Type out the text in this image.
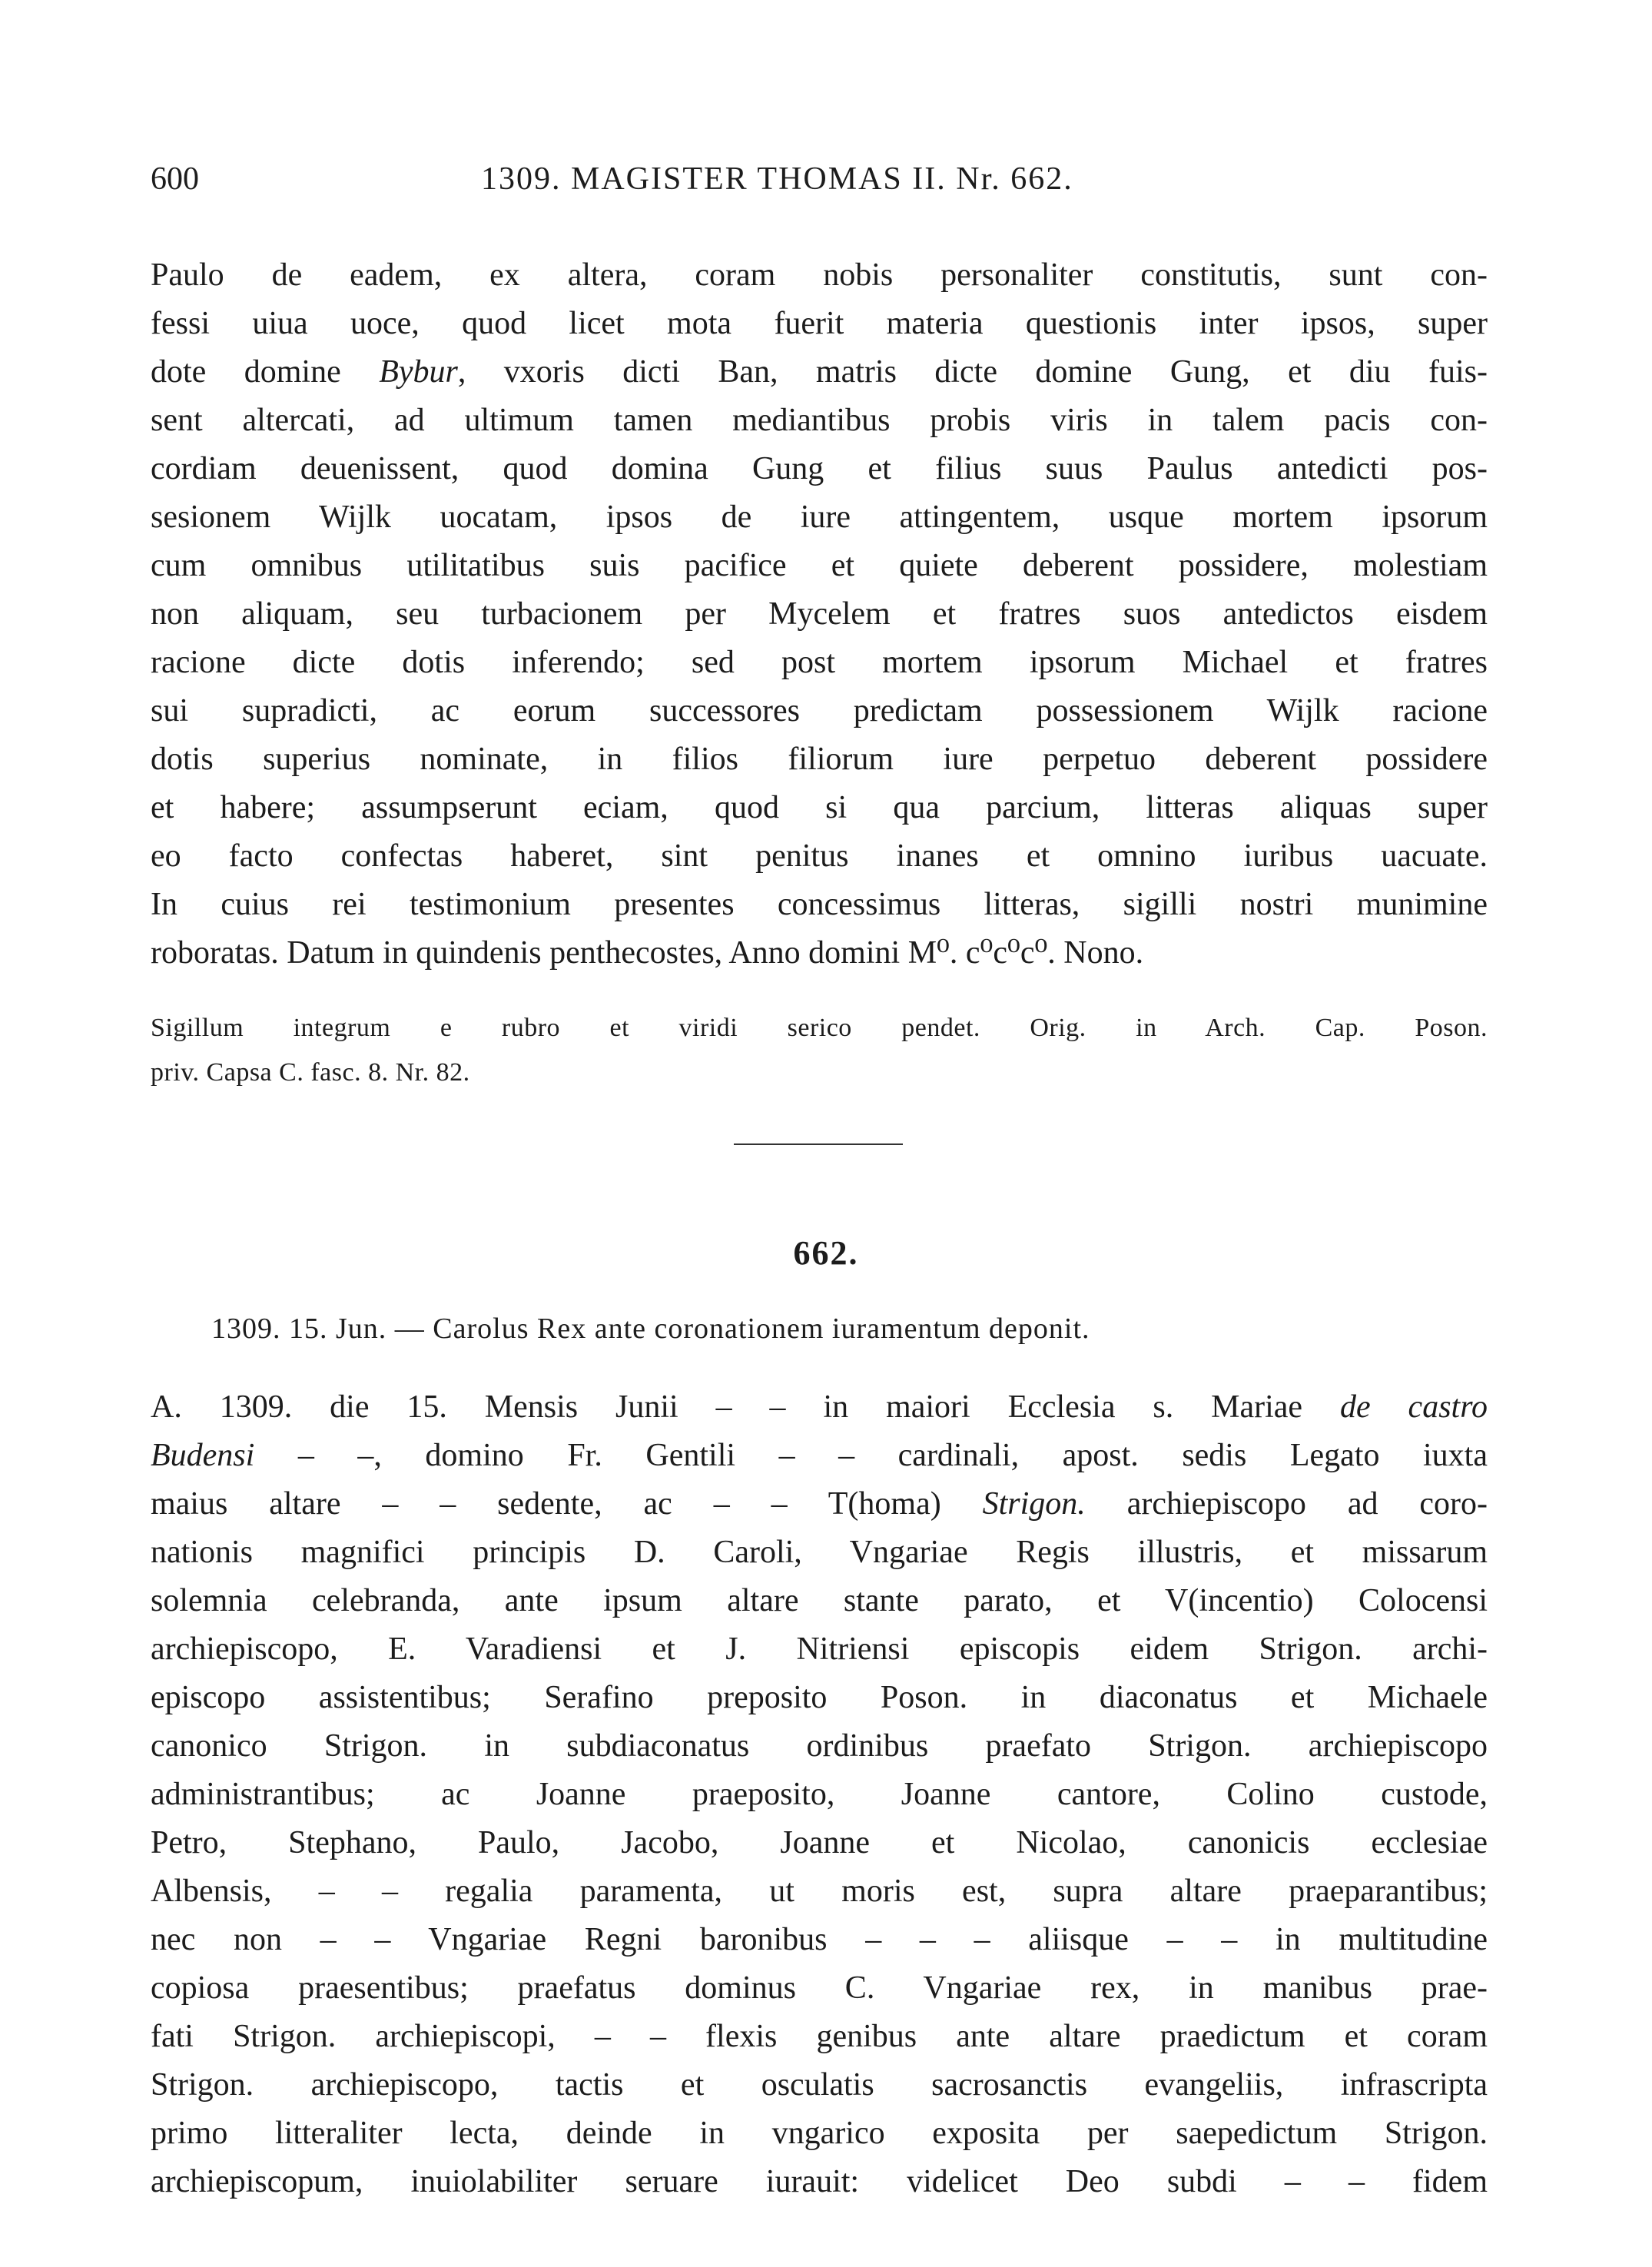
600	1309. MAGISTER THOMAS II. Nr. 662.
Paulo de eadem, ex altera, coram nobis personaliter constitutis, sunt con-
fessi uiua uoce, quod licet mota fuerit materia questionis inter ipsos, super
dote domine Bybur, vxoris dicti Ban, matris dicte domine Gung, et diu fuis-
sent altercati, ad ultimum tamen mediantibus probis viris in talem pacis con-
cordiam deuenissent, quod domina Gung et filius suus Paulus antedicti pos-
sesionem Wijlk uocatam, ipsos de iure attingentem, usque mortem ipsorum
cum omnibus utilitatibus suis pacifice et quiete deberent possidere, molestiam
non aliquam, seu turbacionem per Mycelem et fratres suos antedictos eisdem
racione dicte dotis inferendo; sed post mortem ipsorum Michael et fratres
sui supradicti, ac eorum successores predictam possessionem Wijlk racione
dotis superius nominate, in filios filiorum iure perpetuo deberent possidere
et habere; assumpserunt eciam, quod si qua parcium, litteras aliquas super
eo facto confectas haberet, sint penitus inanes et omnino iuribus uacuate.
In cuius rei testimonium presentes concessimus litteras, sigilli nostri munimine
roboratas. Datum in quindenis penthecostes, Anno domini M⁰. c⁰c⁰c⁰. Nono.
Sigillum integrum e rubro et viridi serico pendet. Orig. in Arch. Cap. Poson.
priv. Capsa C. fasc. 8. Nr. 82.
662.
1309. 15. Jun. — Carolus Rex ante coronationem iuramentum deponit.
A. 1309. die 15. Mensis Junii – – in maiori Ecclesia s. Mariae de castro
Budensi – –, domino Fr. Gentili – – cardinali, apost. sedis Legato iuxta
maius altare – – sedente, ac – – T(homa) Strigon. archiepiscopo ad coro-
nationis magnifici principis D. Caroli, Vngariae Regis illustris, et missarum
solemnia celebranda, ante ipsum altare stante parato, et V(incentio) Colocensi
archiepiscopo, E. Varadiensi et J. Nitriensi episcopis eidem Strigon. archi-
episcopo assistentibus; Serafino preposito Poson. in diaconatus et Michaele
canonico Strigon. in subdiaconatus ordinibus praefato Strigon. archiepiscopo
administrantibus; ac Joanne praeposito, Joanne cantore, Colino custode,
Petro, Stephano, Paulo, Jacobo, Joanne et Nicolao, canonicis ecclesiae
Albensis, – – regalia paramenta, ut moris est, supra altare praeparantibus;
nec non – – Vngariae Regni baronibus – – – aliisque – – in multitudine
copiosa praesentibus; praefatus dominus C. Vngariae rex, in manibus prae-
fati Strigon. archiepiscopi, – – flexis genibus ante altare praedictum et coram
Strigon. archiepiscopo, tactis et osculatis sacrosanctis evangeliis, infrascripta
primo litteraliter lecta, deinde in vngarico exposita per saepedictum Strigon.
archiepiscopum, inuiolabiliter seruare iurauit: videlicet Deo subdi – – fidem
